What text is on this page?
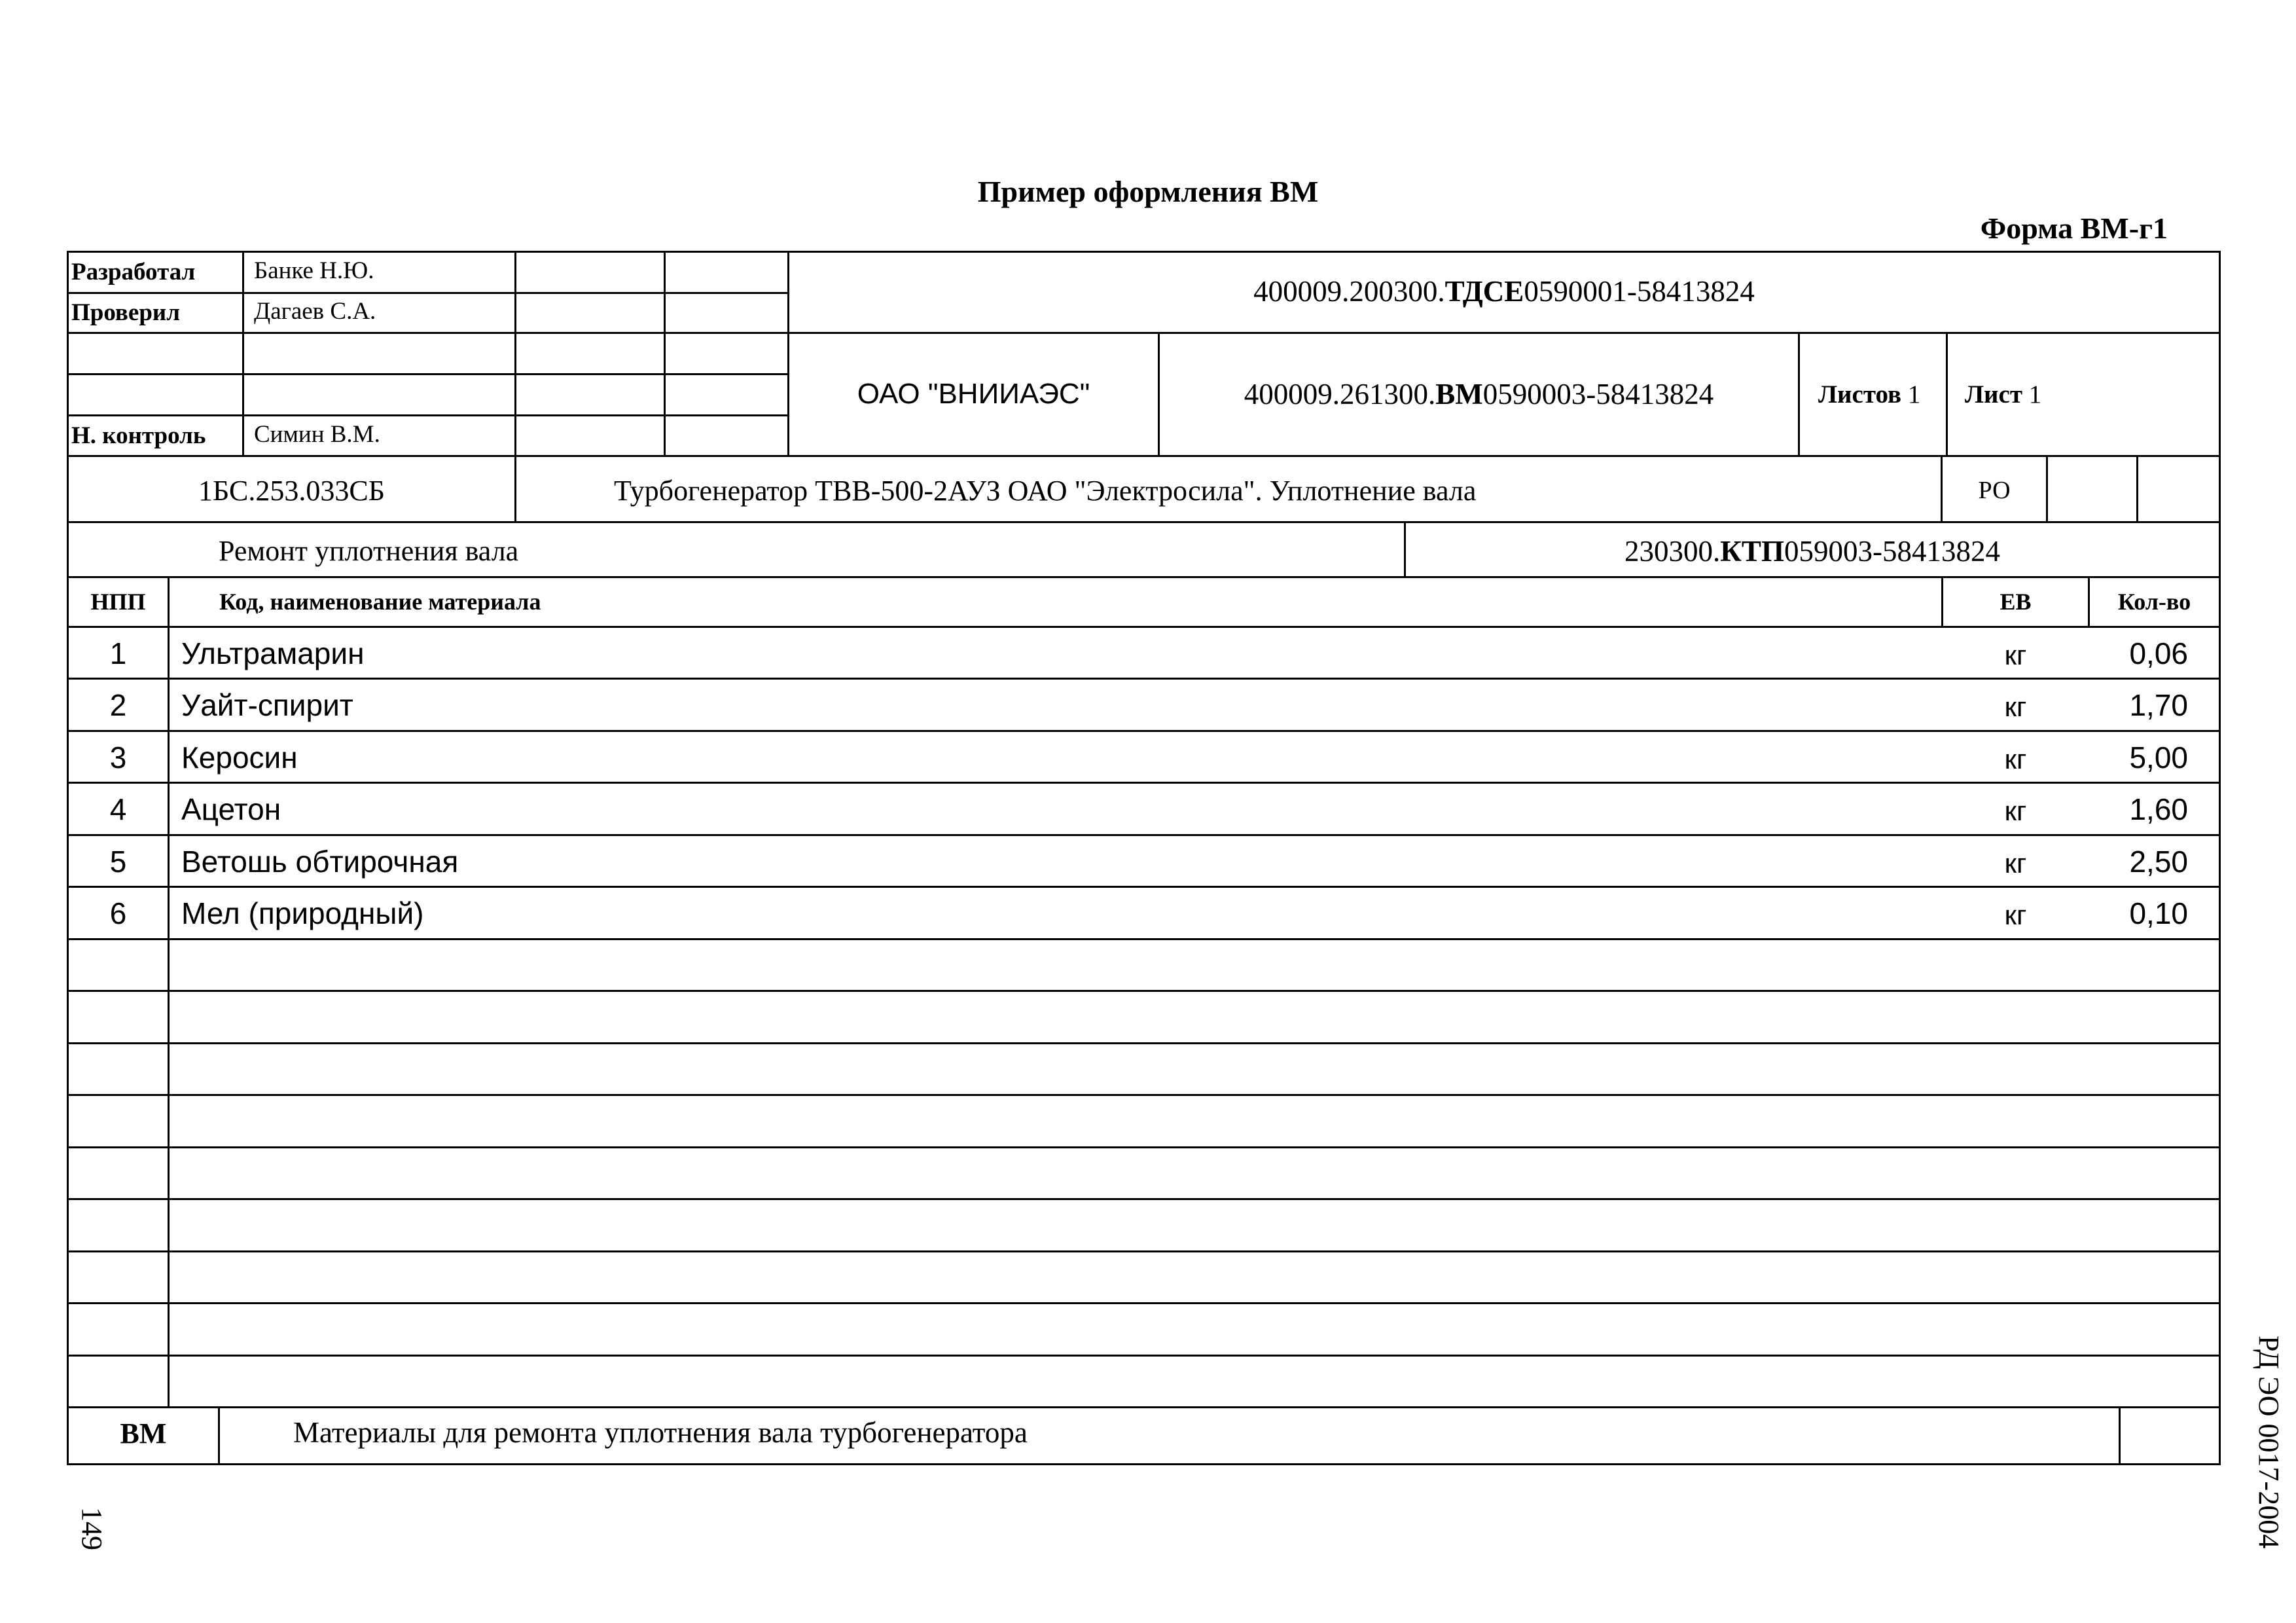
Пример оформления ВМ
Форма ВМ-г1
Разработал Банке Н.Ю.
Проверил	Дагаев С.А.
Н. контроль Симин В.М.
400009.200300.ТДСЕ0590001-58413824
ОАО "ВНИИАЭС"	400009.261300.ВМ0590003-58413824	Листов 1 Лист 1
1БС.253.033СБ	Турбогенератор ТВВ-500-2АУЗ ОАО "Электросила". Уплотнение вала	РО
Ремонт уплотнения вала	230300.КТП059003-58413824
НПП	Код, наименование материала	ЕВ	Кол-во
1	Ультрамарин	кг	0,06
2	Уайт-спирит	кг	1,70
3	Керосин	кг	5,00
4	Ацетон	кг	1,60
5	Ветошь обтирочная	кг	2,50
6	Мел (природный)	кг	0,10
ВМ	Материалы для ремонта уплотнения вала турбогенератора	РД ЭО 0017-2004
149
